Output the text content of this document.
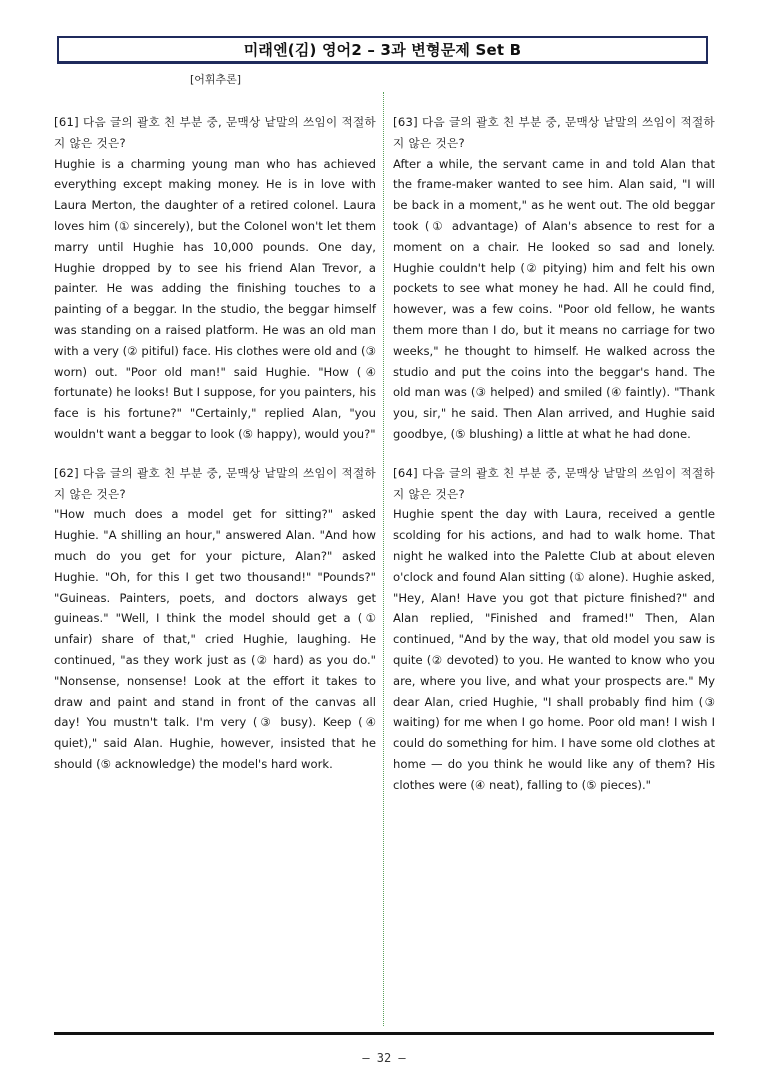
미래엔(김) 영어2 – 3과 변형문제 Set B
[어휘추론]
[61] 다음 글의 괄호 친 부분 중, 문맥상 낱말의 쓰임이 적절하지 않은 것은?

Hughie is a charming young man who has achieved everything except making money. He is in love with Laura Merton, the daughter of a retired colonel. Laura loves him (① sincerely), but the Colonel won't let them marry until Hughie has 10,000 pounds. One day, Hughie dropped by to see his friend Alan Trevor, a painter. He was adding the finishing touches to a painting of a beggar. In the studio, the beggar himself was standing on a raised platform. He was an old man with a very (② pitiful) face. His clothes were old and (③ worn) out. "Poor old man!" said Hughie. "How (④ fortunate) he looks! But I suppose, for you painters, his face is his fortune?" "Certainly," replied Alan, "you wouldn't want a beggar to look (⑤ happy), would you?"

[62] 다음 글의 괄호 친 부분 중, 문맥상 낱말의 쓰임이 적절하지 않은 것은?

"How much does a model get for sitting?" asked Hughie. "A shilling an hour," answered Alan. "And how much do you get for your picture, Alan?" asked Hughie. "Oh, for this I get two thousand!" "Pounds?" "Guineas. Painters, poets, and doctors always get guineas." "Well, I think the model should get a (① unfair) share of that," cried Hughie, laughing. He continued, "as they work just as (② hard) as you do." "Nonsense, nonsense! Look at the effort it takes to draw and paint and stand in front of the canvas all day! You mustn't talk. I'm very (③ busy). Keep (④ quiet)," said Alan. Hughie, however, insisted that he should (⑤ acknowledge) the model's hard work.

[63] 다음 글의 괄호 친 부분 중, 문맥상 낱말의 쓰임이 적절하지 않은 것은?

After a while, the servant came in and told Alan that the frame-maker wanted to see him. Alan said, "I will be back in a moment," as he went out. The old beggar took (① advantage) of Alan's absence to rest for a moment on a chair. He looked so sad and lonely. Hughie couldn't help (② pitying) him and felt his own pockets to see what money he had. All he could find, however, was a few coins. "Poor old fellow, he wants them more than I do, but it means no carriage for two weeks," he thought to himself. He walked across the studio and put the coins into the beggar's hand. The old man was (③ helped) and smiled (④ faintly). "Thank you, sir," he said. Then Alan arrived, and Hughie said goodbye, (⑤ blushing) a little at what he had done.

[64] 다음 글의 괄호 친 부분 중, 문맥상 낱말의 쓰임이 적절하지 않은 것은?

Hughie spent the day with Laura, received a gentle scolding for his actions, and had to walk home. That night he walked into the Palette Club at about eleven o'clock and found Alan sitting (① alone). Hughie asked, "Hey, Alan! Have you got that picture finished?" and Alan replied, "Finished and framed!" Then, Alan continued, "And by the way, that old model you saw is quite (② devoted) to you. He wanted to know who you are, where you live, and what your prospects are." My dear Alan, cried Hughie, "I shall probably find him (③ waiting) for me when I go home. Poor old man! I wish I could do something for him. I have some old clothes at home — do you think he would like any of them? His clothes were (④ neat), falling to (⑤ pieces)."

– 32 –
